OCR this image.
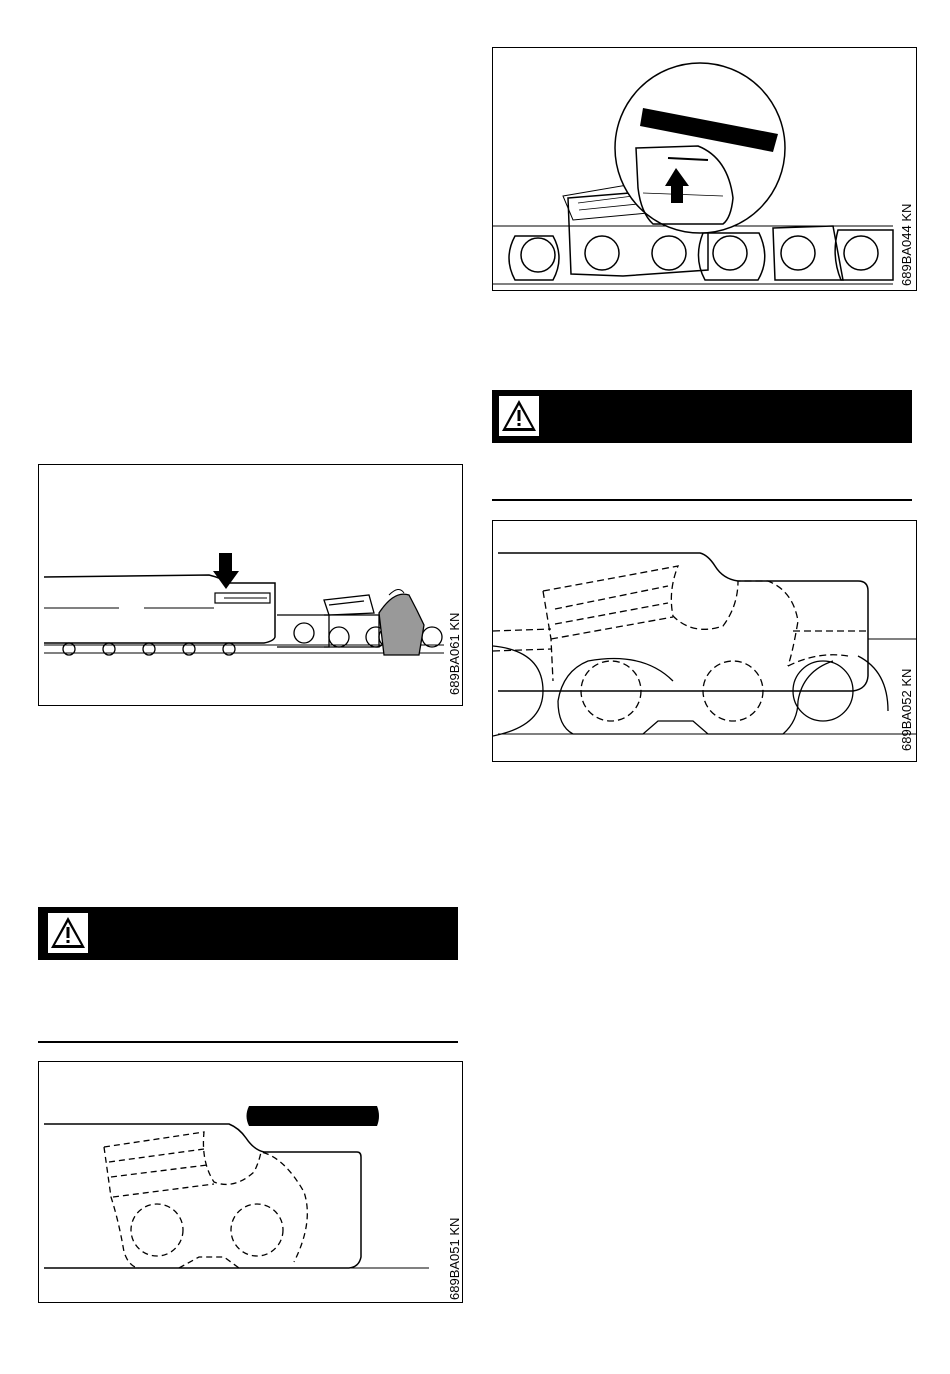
689BA044 KN
689BA052 KN
689BA061 KN
689BA051 KN
